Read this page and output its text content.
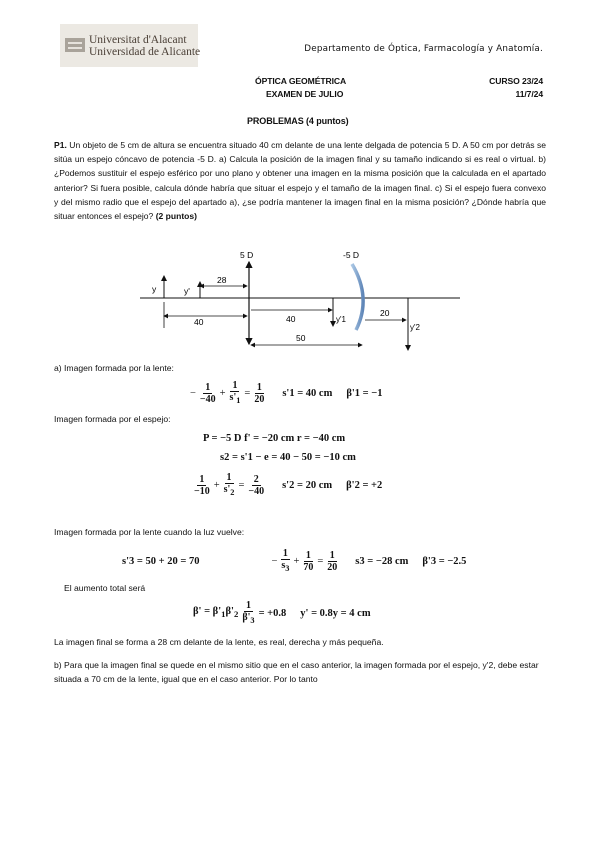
Universitat d'Alacant
Universidad de Alicante	Departamento de Óptica, Farmacología y Anatomía.
ÓPTICA GEOMÉTRICA
EXAMEN DE JULIO
CURSO 23/24
11/7/24
PROBLEMAS (4 puntos)
P1. Un objeto de 5 cm de altura se encuentra situado 40 cm delante de una lente delgada de potencia 5 D. A 50 cm por detrás se sitúa un espejo cóncavo de potencia -5 D. a) Calcula la posición de la imagen final y su tamaño indicando si es real o virtual. b) ¿Podemos sustituir el espejo esférico por uno plano y obtener una imagen en la misma posición que la calculada en el apartado anterior? Si fuera posible, calcula dónde habría que situar el espejo y el tamaño de la imagen final. c) Si el espejo fuera convexo y del mismo radio que el espejo del apartado a), ¿se podría mantener la imagen final en la misma posición? ¿Dónde habría que situar entonces el espejo? (2 puntos)
5 D	-5 D
y	y'
28
40	40	y'1
20
y'2
50
a) Imagen formada por la lente:
− $\frac{1}{-40} + \frac{1}{s'_1} = \frac{1}{20} s'1 = 40$ cm β'1 = −1
Imagen formada por el espejo:
P = −5 D f' = −20 cm r = −40 cm
s2 = s'1 − e = 40 − 50 = −10 cm
$\frac{1}{-10} + \frac{1}{s'_2} = \frac{2}{-40} s'2 = 20$ cm β'2 = +2
Imagen formada por la lente cuando la luz vuelve:
s'3 = 50 + 20 = 70	− $\frac{1}{s_3} + \frac{1}{70} = \frac{1}{20} s3 = -28$ cm β'3 = −2.5
El aumento total será
$\beta' = \beta'_1\beta'_2 \frac{1}{\beta'_3} = +0.8$ y' = 0.8y = 4 cm
La imagen final se forma a 28 cm delante de la lente, es real, derecha y más pequeña.
b) Para que la imagen final se quede en el mismo sitio que en el caso anterior, la imagen formada por el espejo, y'2, debe estar situada a 70 cm de la lente, igual que en el caso anterior. Por lo tanto
